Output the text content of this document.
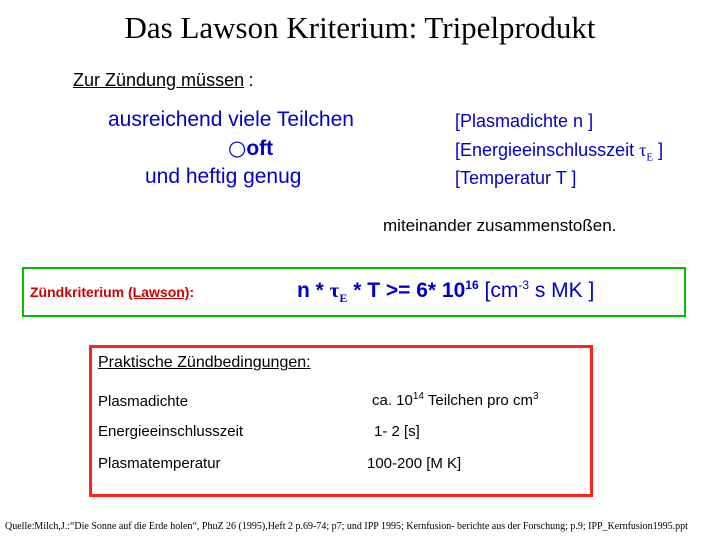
Das Lawson Kriterium: Tripelprodukt
Zur Zündung müssen :
ausreichend viele Teilchen
○oft
und heftig genug
[Plasmadichte n ]
[Energieeinschlusszeit $\tau_E$ ]
[Temperatur T ]
miteinander zusammenstoßen.
Zündkriterium (Lawson):	$n * \tau_E * T >= 6*$ $10^{16}$ [$cm^{-3}$ s MK ]
Praktische Zündbedingungen:
Plasmadichte	ca. $10^{14}$ Teilchen pro $cm^3$
Energieeinschlusszeit	1- 2 [s]
Plasmatemperatur	100-200 [M K]
Quelle:Milch,J.:“Die Sonne auf die Erde holen“, PhuZ 26 (1995),Heft 2 p.69-74; p7; und IPP 1995; Kernfusion- berichte aus der Forschung; p.9; IPP_Kernfusion1995.ppt
